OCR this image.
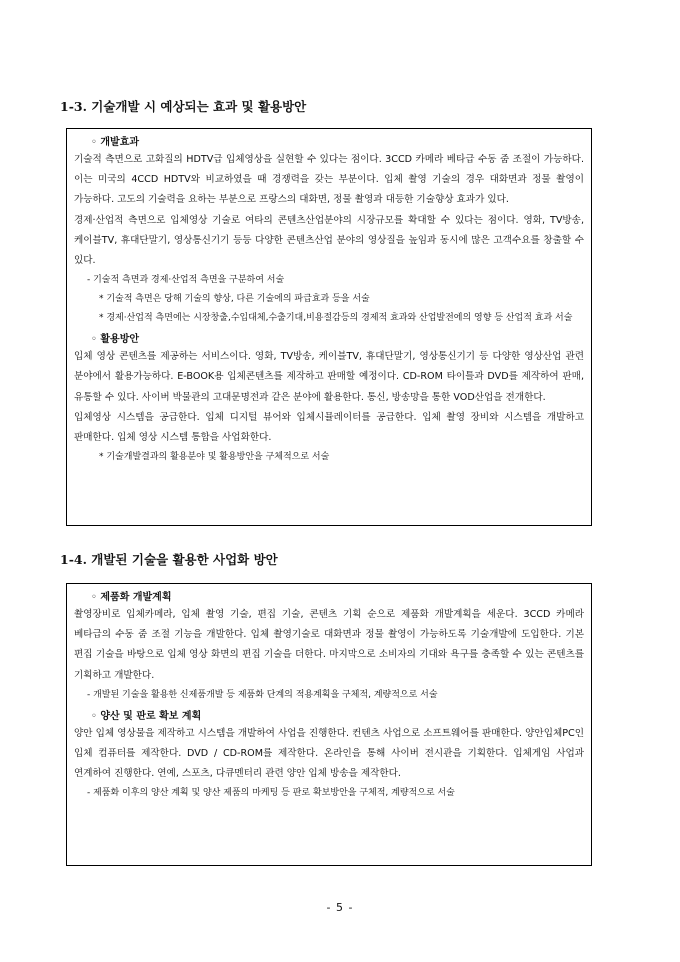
1-3. 기술개발 시 예상되는 효과 및 활용방안
◦ 개발효과

기술적 측면으로 고화질의 HDTV급 입체영상을 실현할 수 있다는 점이다. 3CCD 카메라 베타급 수동 줌 조절이 가능하다. 이는 미국의 4CCD HDTV와 비교하였을 때 경쟁력을 갖는 부분이다. 입체 촬영 기술의 경우 대화면과 정물 촬영이 가능하다. 고도의 기술력을 요하는 부분으로 프랑스의 대화면, 정물 촬영과 대등한 기술향상 효과가 있다.

경제·산업적 측면으로 입체영상 기술로 여타의 콘텐츠산업분야의 시장규모를 확대할 수 있다는 점이다. 영화, TV방송, 케이블TV, 휴대단말기, 영상통신기기 등등 다양한 콘텐츠산업 분야의 영상질을 높임과 동시에 많은 고객수요를 창출할 수 있다.

- 기술적 측면과 경제·산업적 측면을 구분하여 서술

* 기술적 측면은 당해 기술의 향상, 다른 기술에의 파급효과 등을 서술

* 경제·산업적 측면에는 시장창출,수입대체,수출기대,비용절감등의 경제적 효과와 산업발전에의 영향 등 산업적 효과 서술

◦ 활용방안

입체 영상 콘텐츠를 제공하는 서비스이다. 영화, TV방송, 케이블TV, 휴대단말기, 영상통신기기 등 다양한 영상산업 관련 분야에서 활용가능하다. E-BOOK용 입체콘텐츠를 제작하고 판매할 예정이다. CD-ROM 타이틀과 DVD를 제작하여 판매, 유통할 수 있다. 사이버 박물관의 고대문명전과 같은 분야에 활용한다. 통신, 방송망을 통한 VOD산업을 전개한다.

입체영상 시스템을 공급한다. 입체 디지털 뷰어와 입체시뮬레이터를 공급한다. 입체 촬영 장비와 시스템을 개발하고 판매한다. 입체 영상 시스템 통합을 사업화한다.

* 기술개발결과의 활용분야 및 활용방안을 구체적으로 서술

1-4. 개발된 기술을 활용한 사업화 방안
◦ 제품화 개발계획

촬영장비로 입체카메라, 입체 촬영 기술, 편집 기술, 콘텐츠 기획 순으로 제품화 개발계획을 세운다. 3CCD 카메라 베타급의 수동 줌 조절 기능을 개발한다. 입체 촬영기술로 대화면과 정물 촬영이 가능하도록 기술개발에 도입한다. 기본 편집 기술을 바탕으로 입체 영상 화면의 편집 기술을 더한다. 마지막으로 소비자의 기대와 욕구를 충족할 수 있는 콘텐츠를 기획하고 개발한다.

- 개발된 기술을 활용한 신제품개발 등 제품화 단계의 적용계획을 구체적, 계량적으로 서술

◦ 양산 및 판로 확보 계획

양안 입체 영상물을 제작하고 시스템을 개발하여 사업을 진행한다. 컨텐츠 사업으로 소프트웨어를 판매한다. 양안입체PC인 입체 컴퓨터를 제작한다. DVD / CD-ROM를 제작한다. 온라인을 통해 사이버 전시관을 기획한다. 입체게임 사업과 연계하여 진행한다. 연예, 스포츠, 다큐멘터리 관련 양안 입체 방송을 제작한다.

- 제품화 이후의 양산 계획 및 양산 제품의 마케팅 등 판로 확보방안을 구체적, 계량적으로 서술

- 5 -
